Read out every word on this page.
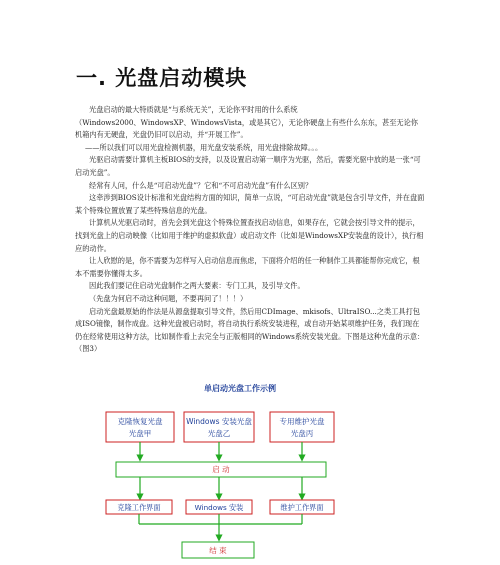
一. 光盘启动模块

光盘启动的最大特质就是“与系统无关”，无论你平时用的什么系统

（Windows2000、WindowsXP、WindowsVista，或是其它），无论你硬盘上有些什么东东，甚至无论你机箱内有无硬盘，光盘仍旧可以启动，并“开展工作”。

——所以我们可以用光盘检测机器，用光盘安装系统，用光盘排除故障。。。

光驱启动需要计算机主板BIOS的支持，以及设置启动第一顺序为光驱，然后，需要光驱中放的是一张“可启动光盘”。

经常有人问，什么是“可启动光盘”？它和“不可启动光盘”有什么区别？

这牵涉到BIOS设计标准和光盘结构方面的知识，简单一点说，“可启动光盘”就是包含引导文件，并在盘面某个特殊位置放置了某些特殊信息的光盘。

计算机从光驱启动时，首先会到光盘这个特殊位置查找启动信息，如果存在，它就会按引导文件的提示，找到光盘上的启动映像（比如用于维护的虚拟软盘）或启动文件（比如是WindowsXP安装盘的设计），执行相应的动作。

让人欣慰的是，你不需要为怎样写入启动信息而焦虑，下面将介绍的任一种制作工具都能帮你完成它，根本不需要你懂得太多。

因此我们要记住启动光盘制作之两大要素：专门工具，及引导文件。

（先盘为何启不动这种问题，不要再问了！！！）

启动光盘最原始的作法是从源盘提取引导文件，然后用CDImage、mkisofs、UltraISO...之类工具打包成ISO镜像，制作成盘。这种光盘被启动时，将自动执行系统安装进程，或自动开始某项维护任务，我们现在仍在经常使用这种方法，比如制作看上去完全与正版相同的Windows系统安装光盘。下图是这种光盘的示意：（图3）

单启动光盘工作示例
克隆恢复光盘
光盘甲
Windows 安装光盘
光盘乙
专用维护光盘
光盘丙
启 动
克隆工作界面	Windows 安装	维护工作界面
结 束
